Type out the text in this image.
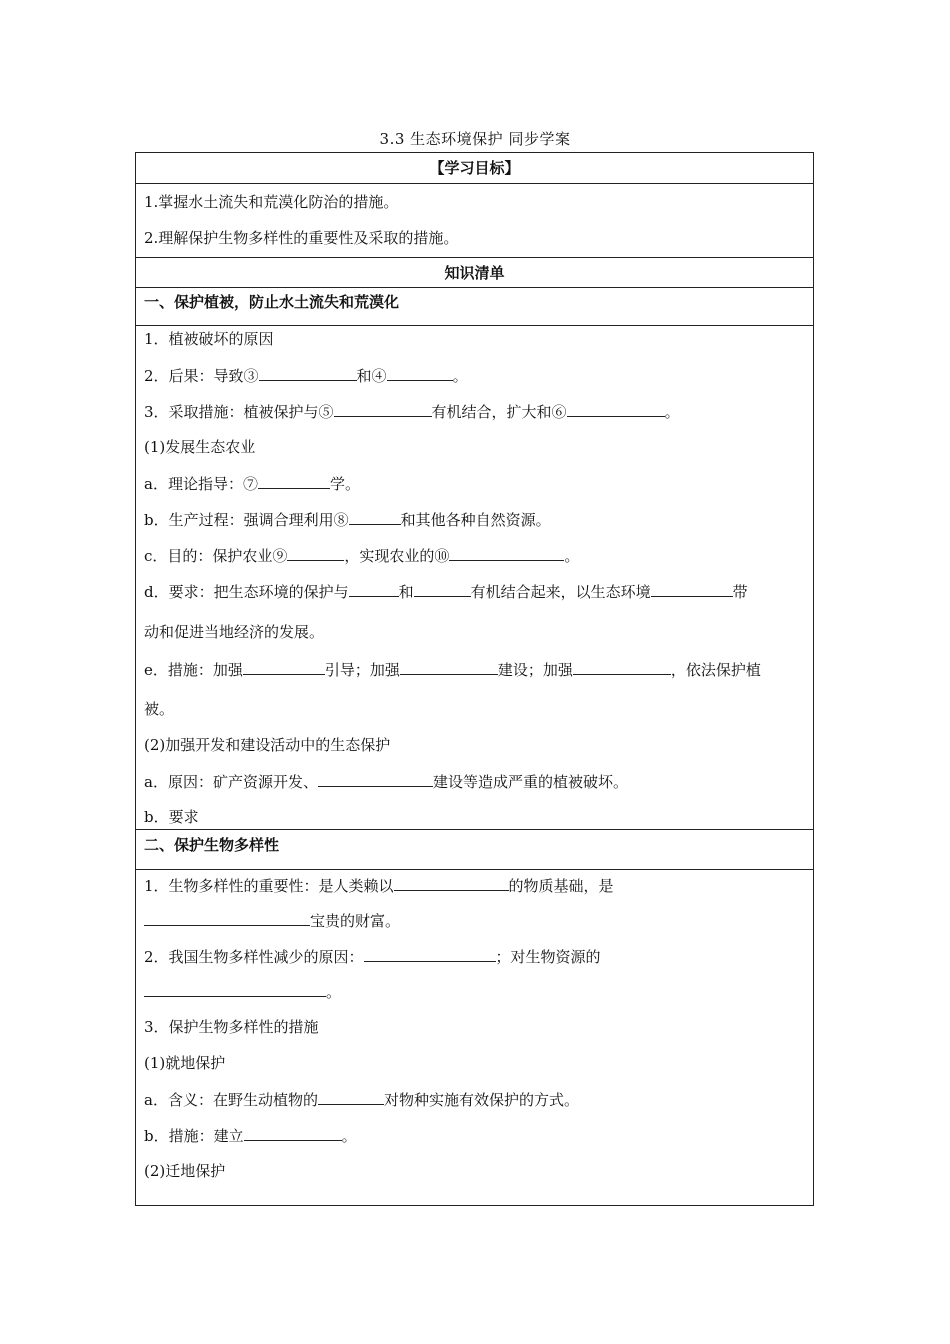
3.3 生态环境保护 同步学案
【学习目标】
1.掌握水土流失和荒漠化防治的措施。
2.理解保护生物多样性的重要性及采取的措施。
知识清单
一、保护植被，防止水土流失和荒漠化
1．植被破坏的原因
2．后果：导致③	和④	。
3．采取措施：植被保护与⑤	有机结合，扩大和⑥	。
(1)发展生态农业
a．理论指导：⑦	学。
b．生产过程：强调合理利用⑧	和其他各种自然资源。
c．目的：保护农业⑨	，实现农业的⑩	。
d．要求：把生态环境的保护与	和	有机结合起来，以生态环境	带
动和促进当地经济的发展。
e．措施：加强	引导；加强	建设；加强	，依法保护植
被。
(2)加强开发和建设活动中的生态保护
a．原因：矿产资源开发、	建设等造成严重的植被破坏。
b．要求
二、保护生物多样性
1．生物多样性的重要性：是人类赖以	的物质基础，是
宝贵的财富。
2．我国生物多样性减少的原因：	；对生物资源的
。
3．保护生物多样性的措施
(1)就地保护
a．含义：在野生动植物的	对物种实施有效保护的方式。
b．措施：建立	。
(2)迁地保护
